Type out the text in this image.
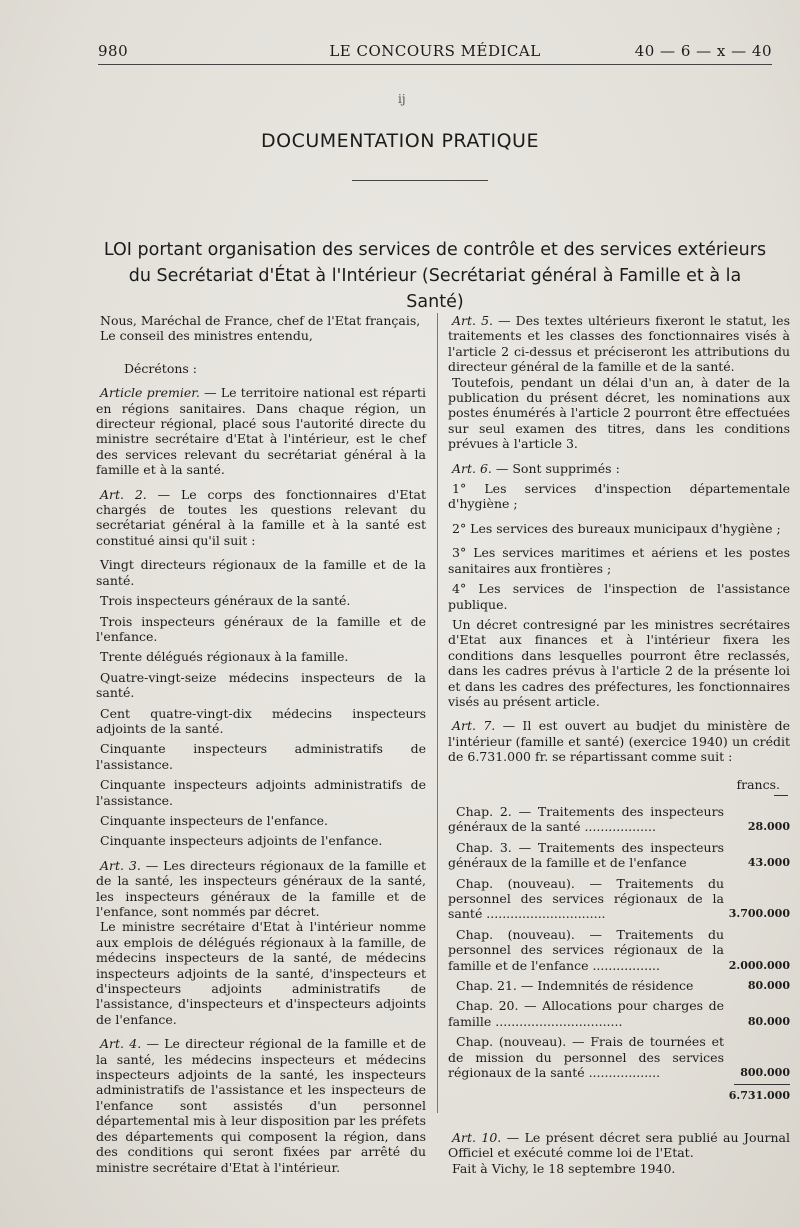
980	LE CONCOURS MÉDICAL	40 — 6 — x — 40
ij
DOCUMENTATION PRATIQUE
LOI portant organisation des services de contrôle et des services extérieurs
du Secrétariat d'État à l'Intérieur (Secrétariat général à Famille et à la Santé)

Nous, Maréchal de France, chef de l'Etat français,

Le conseil des ministres entendu,

Décrétons :

Article premier. — Le territoire national est réparti en régions sanitaires. Dans chaque région, un directeur régional, placé sous l'autorité directe du ministre secrétaire d'Etat à l'intérieur, est le chef des services relevant du secrétariat général à la famille et à la santé.

Art. 2. — Le corps des fonctionnaires d'Etat chargés de toutes les questions relevant du secrétariat général à la famille et à la santé est constitué ainsi qu'il suit :

Vingt directeurs régionaux de la famille et de la santé.

Trois inspecteurs généraux de la santé.

Trois inspecteurs généraux de la famille et de l'enfance.

Trente délégués régionaux à la famille.

Quatre-vingt-seize médecins inspecteurs de la santé.

Cent quatre-vingt-dix médecins inspecteurs adjoints de la santé.

Cinquante inspecteurs administratifs de l'assistance.

Cinquante inspecteurs adjoints administratifs de l'assistance.

Cinquante inspecteurs de l'enfance.

Cinquante inspecteurs adjoints de l'enfance.

Art. 3. — Les directeurs régionaux de la famille et de la santé, les inspecteurs généraux de la santé, les inspecteurs généraux de la famille et de l'enfance, sont nommés par décret.

Le ministre secrétaire d'Etat à l'intérieur nomme aux emplois de délégués régionaux à la famille, de médecins inspecteurs de la santé, de médecins inspecteurs adjoints de la santé, d'inspecteurs et d'inspecteurs adjoints administratifs de l'assistance, d'inspecteurs et d'inspecteurs adjoints de l'enfance.

Art. 4. — Le directeur régional de la famille et de la santé, les médecins inspecteurs et médecins inspecteurs adjoints de la santé, les inspecteurs administratifs de l'assistance et les inspecteurs de l'enfance sont assistés d'un personnel départemental mis à leur disposition par les préfets des départements qui composent la région, dans des conditions qui seront fixées par arrêté du ministre secrétaire d'Etat à l'intérieur.

Art. 5. — Des textes ultérieurs fixeront le statut, les traitements et les classes des fonctionnaires visés à l'article 2 ci-dessus et préciseront les attributions du directeur général de la famille et de la santé.

Toutefois, pendant un délai d'un an, à dater de la publication du présent décret, les nominations aux postes énumérés à l'article 2 pourront être effectuées sur seul examen des titres, dans les conditions prévues à l'article 3.

Art. 6. — Sont supprimés :

1° Les services d'inspection départementale d'hygiène ;

2° Les services des bureaux municipaux d'hygiène ;

3° Les services maritimes et aériens et les postes sanitaires aux frontières ;

4° Les services de l'inspection de l'assistance publique.

Un décret contresigné par les ministres secrétaires d'Etat aux finances et à l'intérieur fixera les conditions dans lesquelles pourront être reclassés, dans les cadres prévus à l'article 2 de la présente loi et dans les cadres des préfectures, les fonctionnaires visés au présent article.

Art. 7. — Il est ouvert au budjet du ministère de l'intérieur (famille et santé) (exercice 1940) un crédit de 6.731.000 fr. se répartissant comme suit :

francs.

Chap. 2. — Traitements des inspecteurs généraux de la santé ..................	28.000
Chap. 3. — Traitements des inspecteurs généraux de la famille et de l'enfance	43.000
Chap. (nouveau). — Traitements du personnel des services régionaux de la santé ..............................	3.700.000
Chap. (nouveau). — Traitements du personnel des services régionaux de la famille et de l'enfance .................	2.000.000
Chap. 21. — Indemnités de résidence	80.000
Chap. 20. — Allocations pour charges de famille ................................	80.000
Chap. (nouveau). — Frais de tournées et de mission du personnel des services régionaux de la santé ..................	800.000

6.731.000

Art. 10. — Le présent décret sera publié au Journal Officiel et exécuté comme loi de l'Etat.

Fait à Vichy, le 18 septembre 1940.
